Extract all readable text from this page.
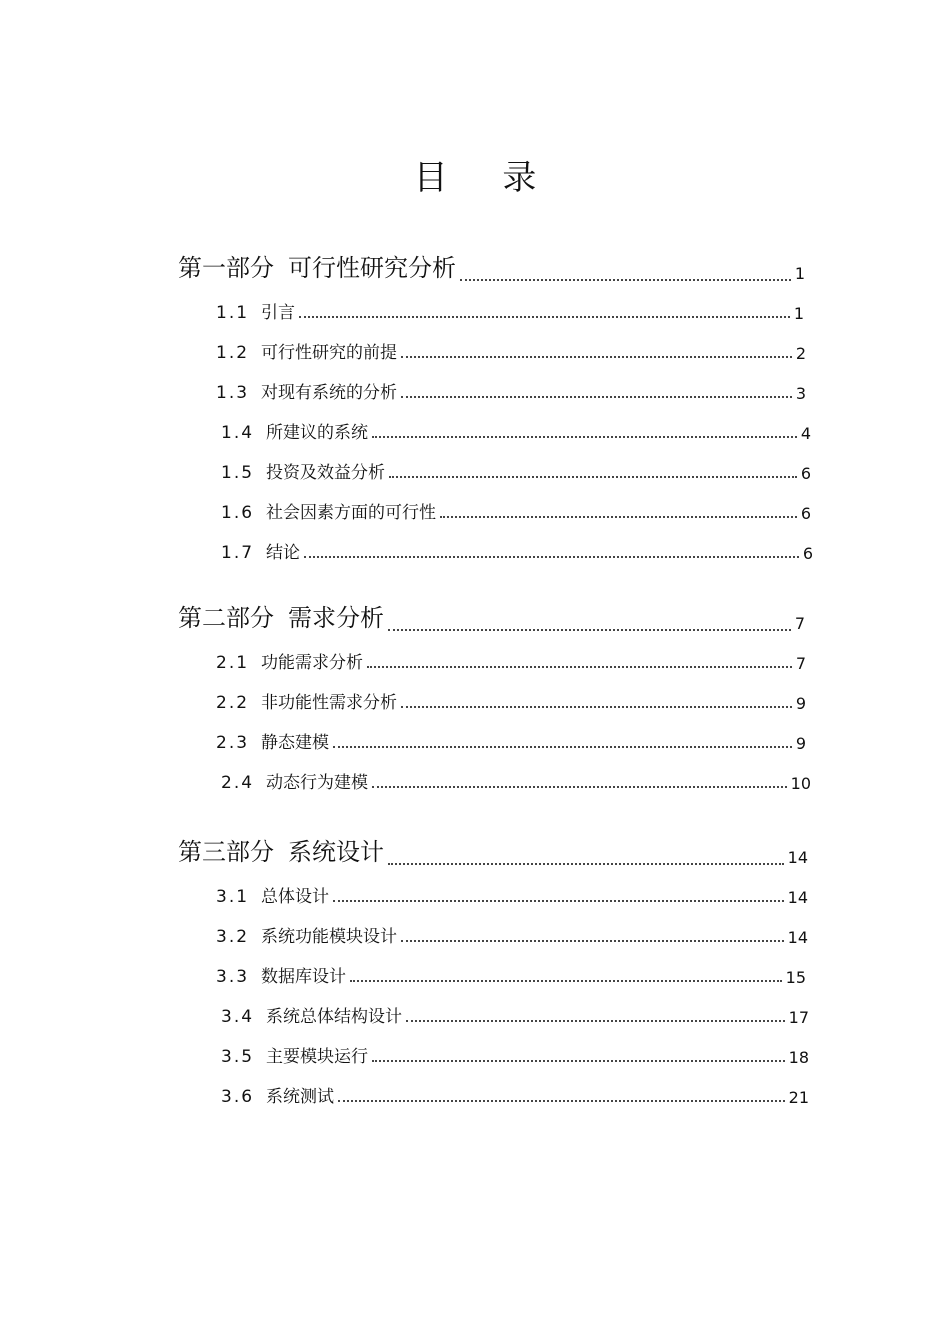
目 录
第一部分 可行性研究分析	1
1.1 引言	1
1.2 可行性研究的前提	2
1.3 对现有系统的分析	3
1.4 所建议的系统	4
1.5 投资及效益分析	6
1.6 社会因素方面的可行性	6
1.7 结论	6
第二部分 需求分析	7
2.1 功能需求分析	7
2.2 非功能性需求分析	9
2.3 静态建模	9
2.4 动态行为建模	10
第三部分 系统设计	14
3.1 总体设计	14
3.2 系统功能模块设计	14
3.3 数据库设计	15
3.4 系统总体结构设计	17
3.5 主要模块运行	18
3.6 系统测试	21
